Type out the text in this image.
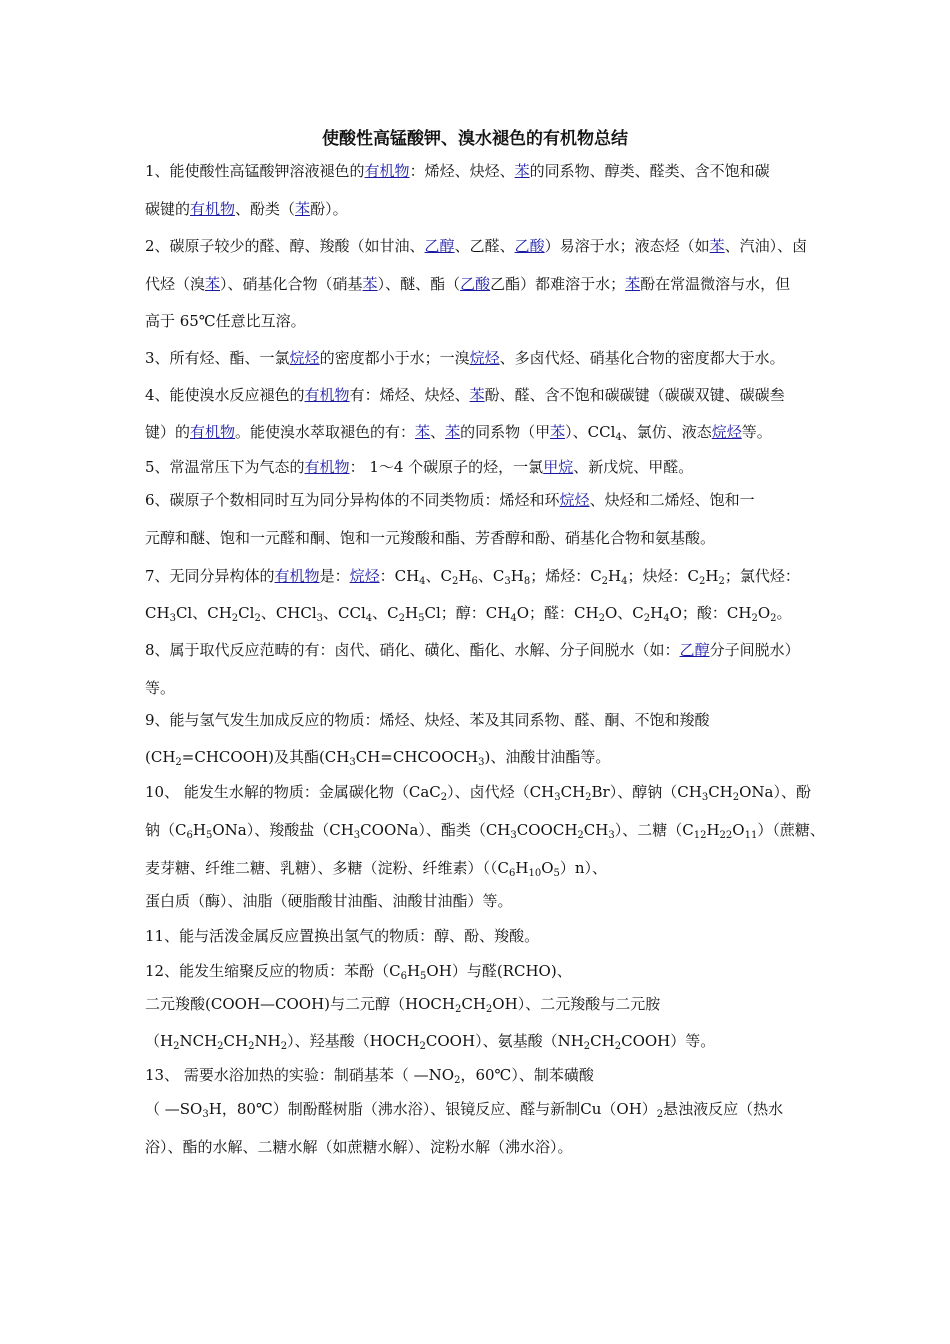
使酸性高锰酸钾、溴水褪色的有机物总结
1、能使酸性高锰酸钾溶液褪色的有机物：烯烃、炔烃、苯的同系物、醇类、醛类、含不饱和碳
碳键的有机物、酚类（苯酚）。
2、碳原子较少的醛、醇、羧酸（如甘油、乙醇、乙醛、乙酸）易溶于水；液态烃（如苯、汽油）、卤
代烃（溴苯）、硝基化合物（硝基苯）、醚、酯（乙酸乙酯）都难溶于水；苯酚在常温微溶与水，但
高于 65℃任意比互溶。
3、所有烃、酯、一氯烷烃的密度都小于水；一溴烷烃、多卤代烃、硝基化合物的密度都大于水。
4、能使溴水反应褪色的有机物有：烯烃、炔烃、苯酚、醛、含不饱和碳碳键（碳碳双键、碳碳叁
键）的有机物。能使溴水萃取褪色的有：苯、苯的同系物（甲苯）、CCl$_4$、氯仿、液态烷烃等。
5、常温常压下为气态的有机物： 1～4 个碳原子的烃，一氯甲烷、新戊烷、甲醛。
6、碳原子个数相同时互为同分异构体的不同类物质：烯烃和环烷烃、炔烃和二烯烃、饱和一
元醇和醚、饱和一元醛和酮、饱和一元羧酸和酯、芳香醇和酚、硝基化合物和氨基酸。
7、无同分异构体的有机物是：烷烃：$CH_4$、$C_2H_6$、$C_3H_8$；烯烃：$C_2H_4$；炔烃：$C_2H_2$；氯代烃：
$CH_3Cl$、$CH_2Cl_2$、CHCl$_3$、CCl$_4$、$C_2H_5Cl$；醇：$CH_4O$；醛：$CH_2O$、$C_2H_4O$；酸：$CH_2O_2$。
8、属于取代反应范畴的有：卤代、硝化、磺化、酯化、水解、分子间脱水（如：乙醇分子间脱水）
等。
9、能与氢气发生加成反应的物质：烯烃、炔烃、苯及其同系物、醛、酮、不饱和羧酸
$(CH_2=CHCOOH)$及其酯$(CH_3CH=CHCOOCH_3)$、油酸甘油酯等。
10、 能发生水解的物质：金属碳化物（CaC$_2$）、卤代烃$(CH_3CH_2Br)$、醇钠$(CH_3CH_2ONa)$、酚
钠$(C_6H_5ONa)$、羧酸盐$(CH_3COONa)$、酯类$(CH_3COOCH_2CH_3)$、二糖$(C_{12}H_{22}O_{11})$（蔗糖、
麦芽糖、纤维二糖、乳糖）、多糖（淀粉、纤维素）$((C_6H_{10}O_5)n)$、
蛋白质（酶）、油脂（硬脂酸甘油酯、油酸甘油酯）等。
11、能与活泼金属反应置换出氢气的物质：醇、酚、羧酸。
12、能发生缩聚反应的物质：苯酚$(C_6H_5OH)$与醛(RCHO)、
二元羧酸(COOH—COOH)与二元醇$(HOCH_2CH_2OH)$、二元羧酸与二元胺
$(H_2NCH_2CH_2NH_2)$、羟基酸$(HOCH_2COOH)$、氨基酸$(NH_2CH_2COOH)$等。
13、 需要水浴加热的实验：制硝基苯（ $—NO_2$，60℃）、制苯磺酸
（ $—SO_3H$，80℃）制酚醛树脂（沸水浴）、银镜反应、醛与新制$Cu(OH)_2$悬浊液反应（热水
浴）、酯的水解、二糖水解（如蔗糖水解）、淀粉水解（沸水浴）。
